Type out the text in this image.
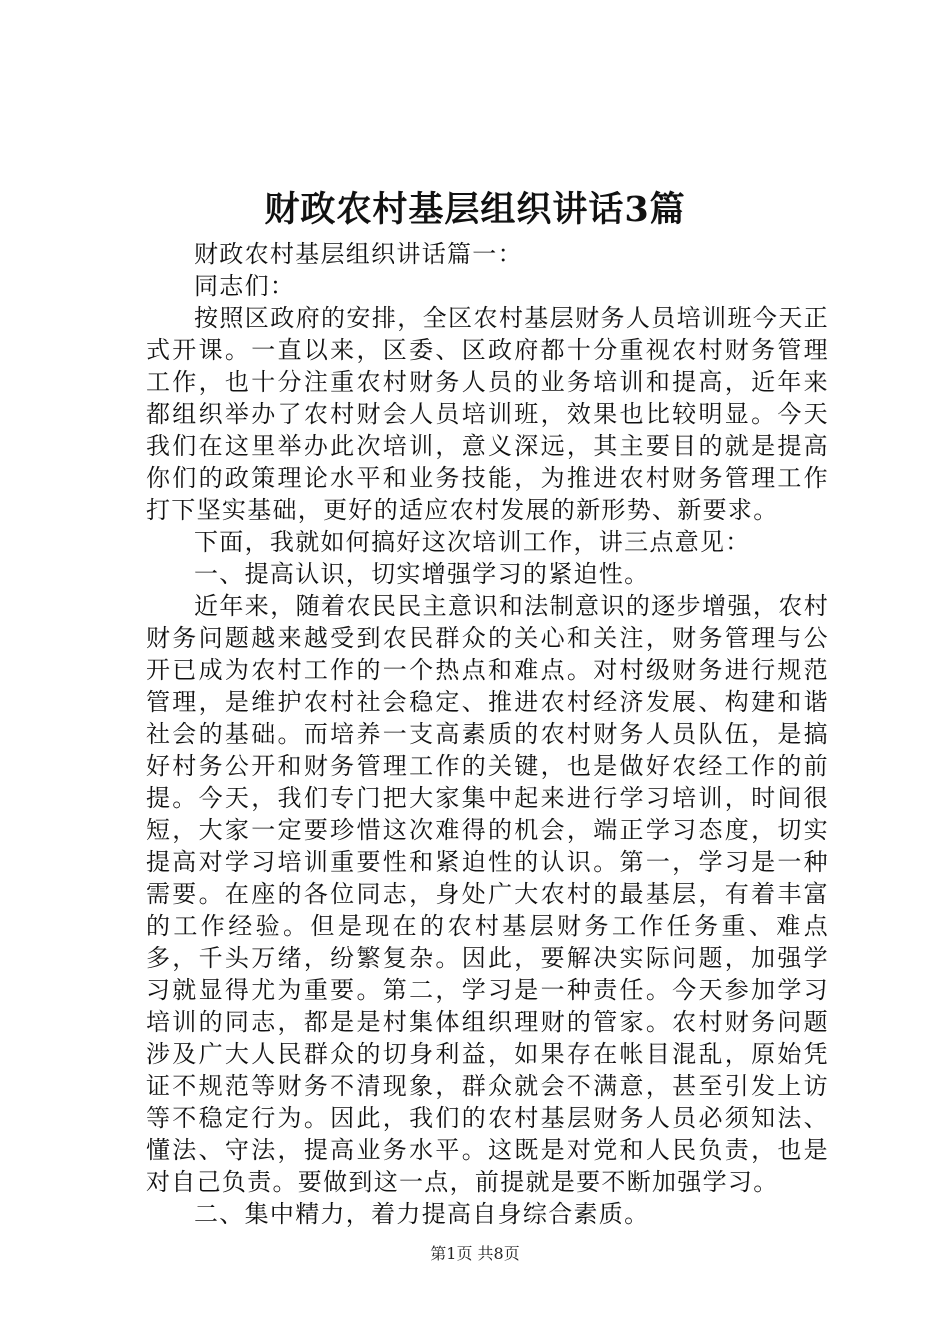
财政农村基层组织讲话3篇

财政农村基层组织讲话篇一：

同志们：

按照区政府的安排，全区农村基层财务人员培训班今天正式开课。一直以来，区委、区政府都十分重视农村财务管理工作，也十分注重农村财务人员的业务培训和提高，近年来都组织举办了农村财会人员培训班，效果也比较明显。今天我们在这里举办此次培训，意义深远，其主要目的就是提高你们的政策理论水平和业务技能，为推进农村财务管理工作打下坚实基础，更好的适应农村发展的新形势、新要求。

下面，我就如何搞好这次培训工作，讲三点意见：

一、提高认识，切实增强学习的紧迫性。

近年来，随着农民民主意识和法制意识的逐步增强，农村财务问题越来越受到农民群众的关心和关注，财务管理与公开已成为农村工作的一个热点和难点。对村级财务进行规范管理，是维护农村社会稳定、推进农村经济发展、构建和谐社会的基础。而培养一支高素质的农村财务人员队伍，是搞好村务公开和财务管理工作的关键，也是做好农经工作的前提。今天，我们专门把大家集中起来进行学习培训，时间很短，大家一定要珍惜这次难得的机会，端正学习态度，切实提高对学习培训重要性和紧迫性的认识。第一，学习是一种需要。在座的各位同志，身处广大农村的最基层，有着丰富的工作经验。但是现在的农村基层财务工作任务重、难点多，千头万绪，纷繁复杂。因此，要解决实际问题，加强学习就显得尤为重要。第二，学习是一种责任。今天参加学习培训的同志，都是是村集体组织理财的管家。农村财务问题涉及广大人民群众的切身利益，如果存在帐目混乱，原始凭证不规范等财务不清现象，群众就会不满意，甚至引发上访等不稳定行为。因此，我们的农村基层财务人员必须知法、懂法、守法，提高业务水平。这既是对党和人民负责，也是对自己负责。要做到这一点，前提就是要不断加强学习。

二、集中精力，着力提高自身综合素质。

第1页 共8页
